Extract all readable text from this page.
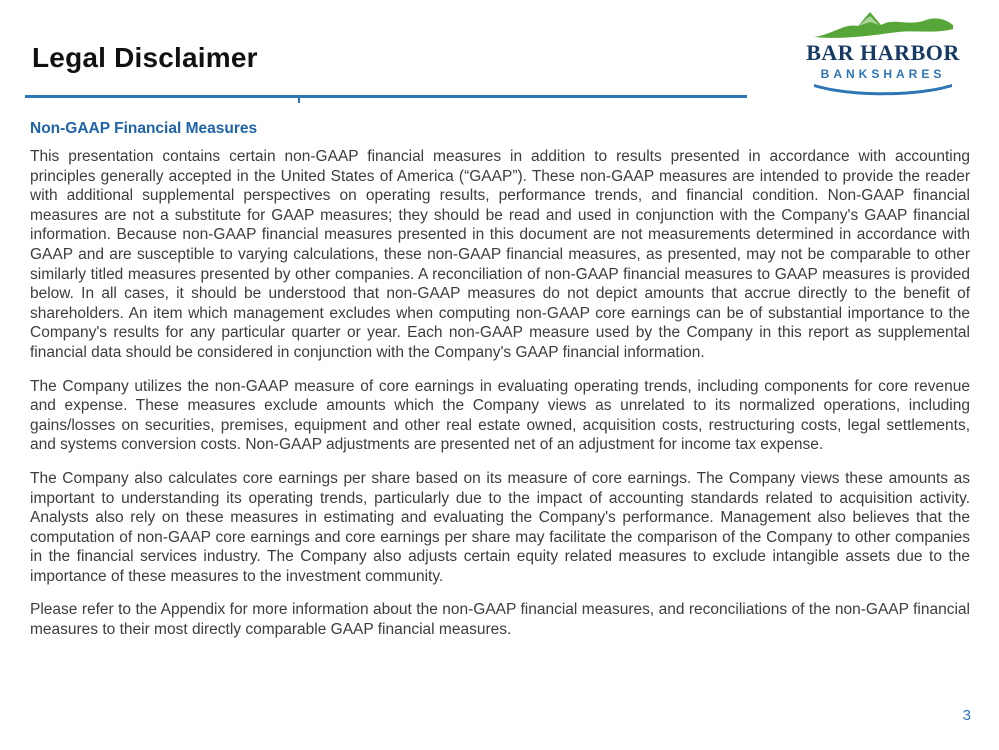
Legal Disclaimer	BAR HARBOR
BANKSHARES
Non-GAAP Financial Measures

This presentation contains certain non-GAAP financial measures in addition to results presented in accordance with accounting principles generally accepted in the United States of America (“GAAP”). These non-GAAP measures are intended to provide the reader with additional supplemental perspectives on operating results, performance trends, and financial condition. Non-GAAP financial measures are not a substitute for GAAP measures; they should be read and used in conjunction with the Company's GAAP financial information. Because non-GAAP financial measures presented in this document are not measurements determined in accordance with GAAP and are susceptible to varying calculations, these non-GAAP financial measures, as presented, may not be comparable to other similarly titled measures presented by other companies. A reconciliation of non-GAAP financial measures to GAAP measures is provided below. In all cases, it should be understood that non-GAAP measures do not depict amounts that accrue directly to the benefit of shareholders. An item which management excludes when computing non-GAAP core earnings can be of substantial importance to the Company's results for any particular quarter or year. Each non-GAAP measure used by the Company in this report as supplemental financial data should be considered in conjunction with the Company's GAAP financial information.

The Company utilizes the non-GAAP measure of core earnings in evaluating operating trends, including components for core revenue and expense. These measures exclude amounts which the Company views as unrelated to its normalized operations, including gains/losses on securities, premises, equipment and other real estate owned, acquisition costs, restructuring costs, legal settlements, and systems conversion costs. Non-GAAP adjustments are presented net of an adjustment for income tax expense.

The Company also calculates core earnings per share based on its measure of core earnings. The Company views these amounts as important to understanding its operating trends, particularly due to the impact of accounting standards related to acquisition activity. Analysts also rely on these measures in estimating and evaluating the Company's performance. Management also believes that the computation of non-GAAP core earnings and core earnings per share may facilitate the comparison of the Company to other companies in the financial services industry. The Company also adjusts certain equity related measures to exclude intangible assets due to the importance of these measures to the investment community.

Please refer to the Appendix for more information about the non-GAAP financial measures, and reconciliations of the non-GAAP financial measures to their most directly comparable GAAP financial measures.

3
